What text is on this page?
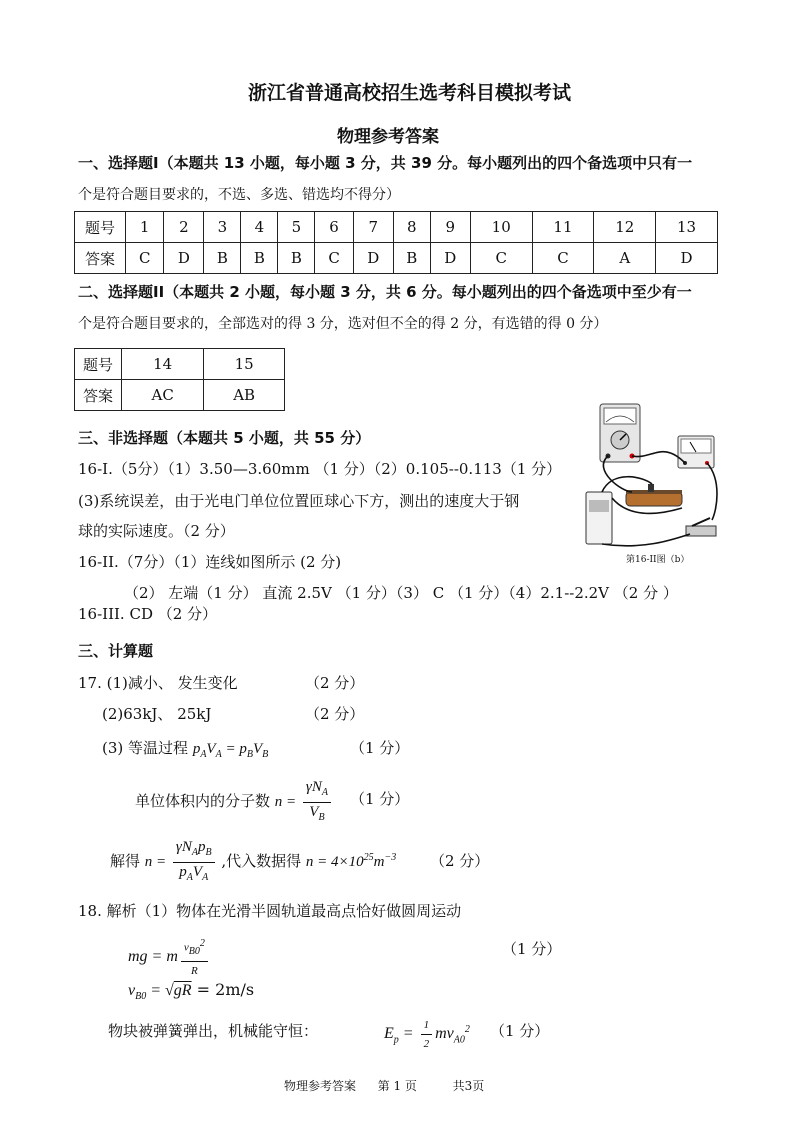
浙江省普通高校招生选考科目模拟考试
物理参考答案
一、选择题I（本题共 13 小题，每小题 3 分，共 39 分。每小题列出的四个备选项中只有一
个是符合题目要求的，不选、多选、错选均不得分）
题号	1	2	3	4	5	6	7	8	9	10	11	12	13
答案	C	D	B	B	B	C	D	B	D	C	C	A	D
二、选择题II（本题共 2 小题，每小题 3 分，共 6 分。每小题列出的四个备选项中至少有一
个是符合题目要求的，全部选对的得 3 分，选对但不全的得 2 分，有选错的得 0 分）
题号	14	15
答案	AC	AB
三、非选择题（本题共 5 小题，共 55 分）
16-I.（5分）（1）3.50—3.60mm （1 分）（2）0.105--0.113（1 分）
(3)系统误差，由于光电门单位位置匝球心下方，测出的速度大于钢
球的实际速度。（2 分）
16-II.（7分）（1）连线如图所示 (2 分)
（2） 左端（1 分） 直流 2.5V （1 分）（3） C （1 分）（4）2.1--2.2V （2 分 ）
16-III. CD （2 分）
第16-II图（b）
三、计算题
17. (1)减小、 发生变化	（2 分）
(2)63kJ、 25kJ	（2 分）
(3) 等温过程 $p_AV_A = p_BV_B$	（1 分）
单位体积内的分子数 $n = \frac{\gamma N_A}{V_B} (1$ 分）
解得 $n = \frac{\gamma N_Ap_B}{p_AV_A}$ ,代入数据得 $n = 4\times 10^{25}m^{-3}$ （2 分）
18. 解析（1）物体在光滑半圆轨道最高点恰好做圆周运动
mg = m $\frac{v_{B0}^2}{R}$	（1 分）
$v_{B0} = √gR = 2m/s$
物块被弹簧弹出，机械能守恒：	$E_p = \frac{1}{2} mv_{A0}^2$ （1 分）
物理参考答案 第 1 页	共3页
